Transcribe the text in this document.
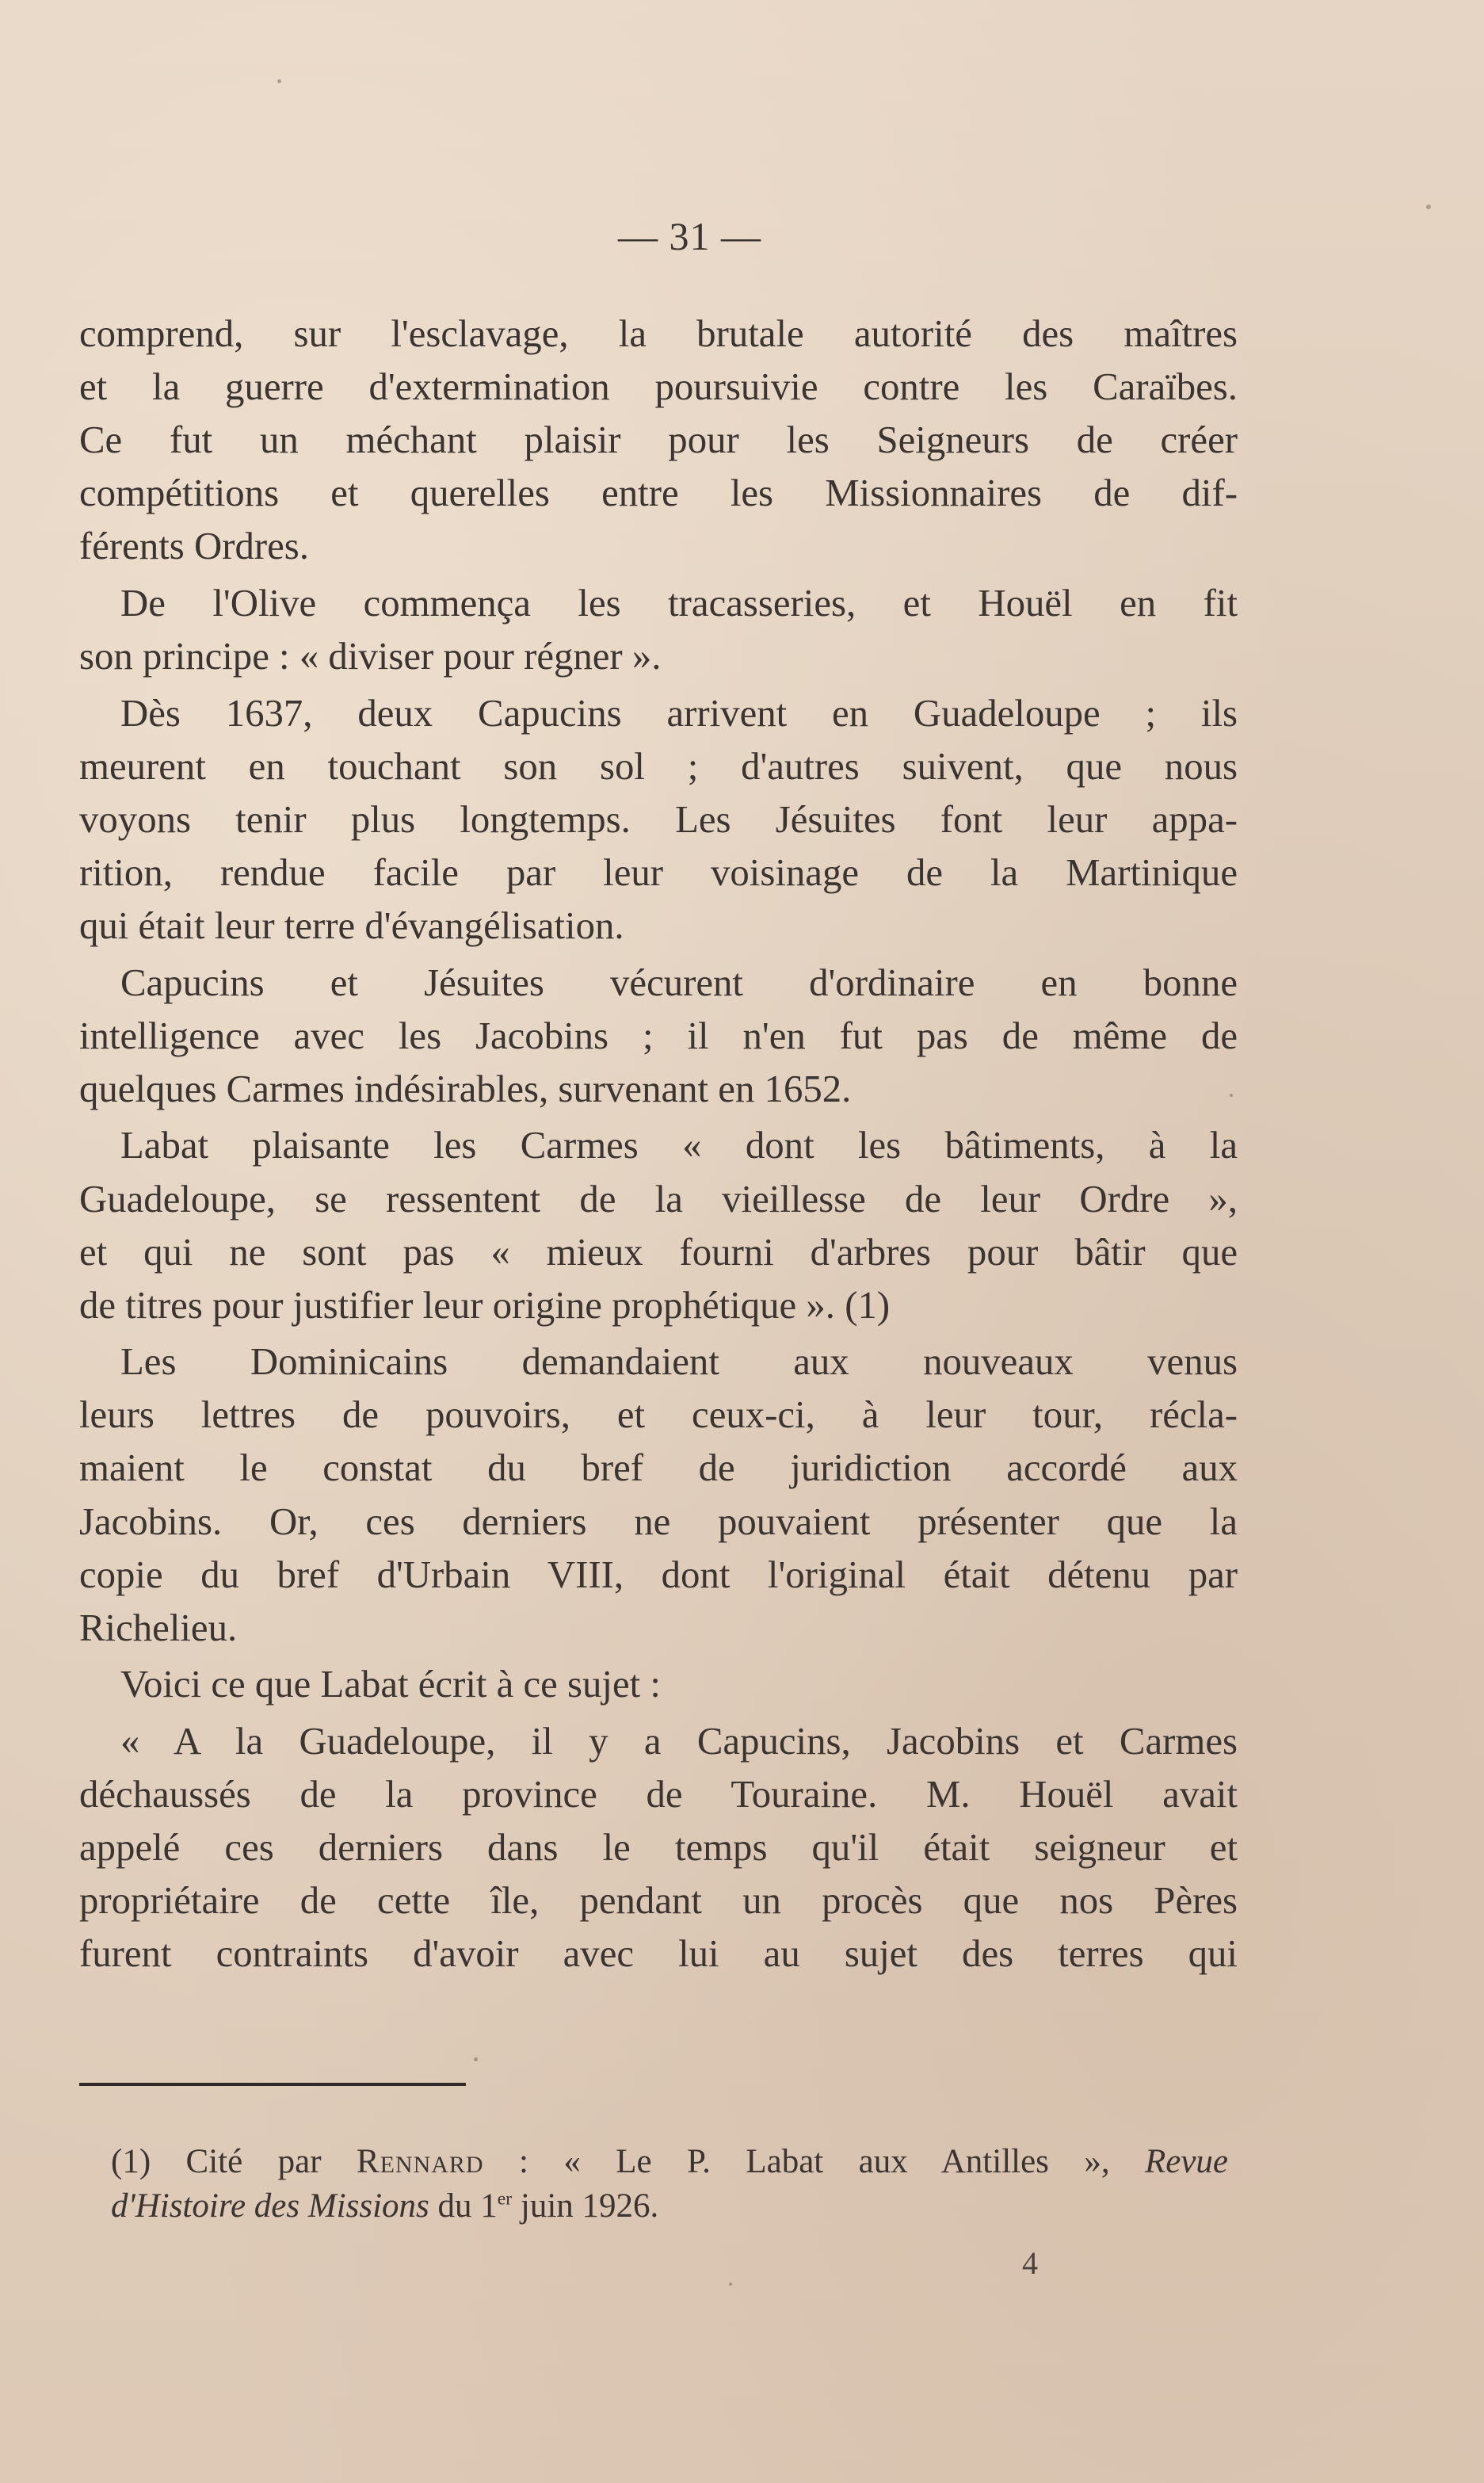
— 31 —
comprend, sur l'esclavage, la brutale autorité des maîtres
et la guerre d'extermination poursuivie contre les Caraïbes.
Ce fut un méchant plaisir pour les Seigneurs de créer
compétitions et querelles entre les Missionnaires de dif-
férents Ordres.
De l'Olive commença les tracasseries, et Houël en fit
son principe : « diviser pour régner ».
Dès 1637, deux Capucins arrivent en Guadeloupe ; ils
meurent en touchant son sol ; d'autres suivent, que nous
voyons tenir plus longtemps. Les Jésuites font leur appa-
rition, rendue facile par leur voisinage de la Martinique
qui était leur terre d'évangélisation.
Capucins et Jésuites vécurent d'ordinaire en bonne
intelligence avec les Jacobins ; il n'en fut pas de même de
quelques Carmes indésirables, survenant en 1652.
Labat plaisante les Carmes « dont les bâtiments, à la
Guadeloupe, se ressentent de la vieillesse de leur Ordre »,
et qui ne sont pas « mieux fourni d'arbres pour bâtir que
de titres pour justifier leur origine prophétique ». (1)
Les Dominicains demandaient aux nouveaux venus
leurs lettres de pouvoirs, et ceux-ci, à leur tour, récla-
maient le constat du bref de juridiction accordé aux
Jacobins. Or, ces derniers ne pouvaient présenter que la
copie du bref d'Urbain VIII, dont l'original était détenu par
Richelieu.
Voici ce que Labat écrit à ce sujet :
« A la Guadeloupe, il y a Capucins, Jacobins et Carmes
déchaussés de la province de Touraine. M. Houël avait
appelé ces derniers dans le temps qu'il était seigneur et
propriétaire de cette île, pendant un procès que nos Pères
furent contraints d'avoir avec lui au sujet des terres qui
(1) Cité par Rennard : « Le P. Labat aux Antilles », Revue
d'Histoire des Missions du 1er juin 1926.
4
